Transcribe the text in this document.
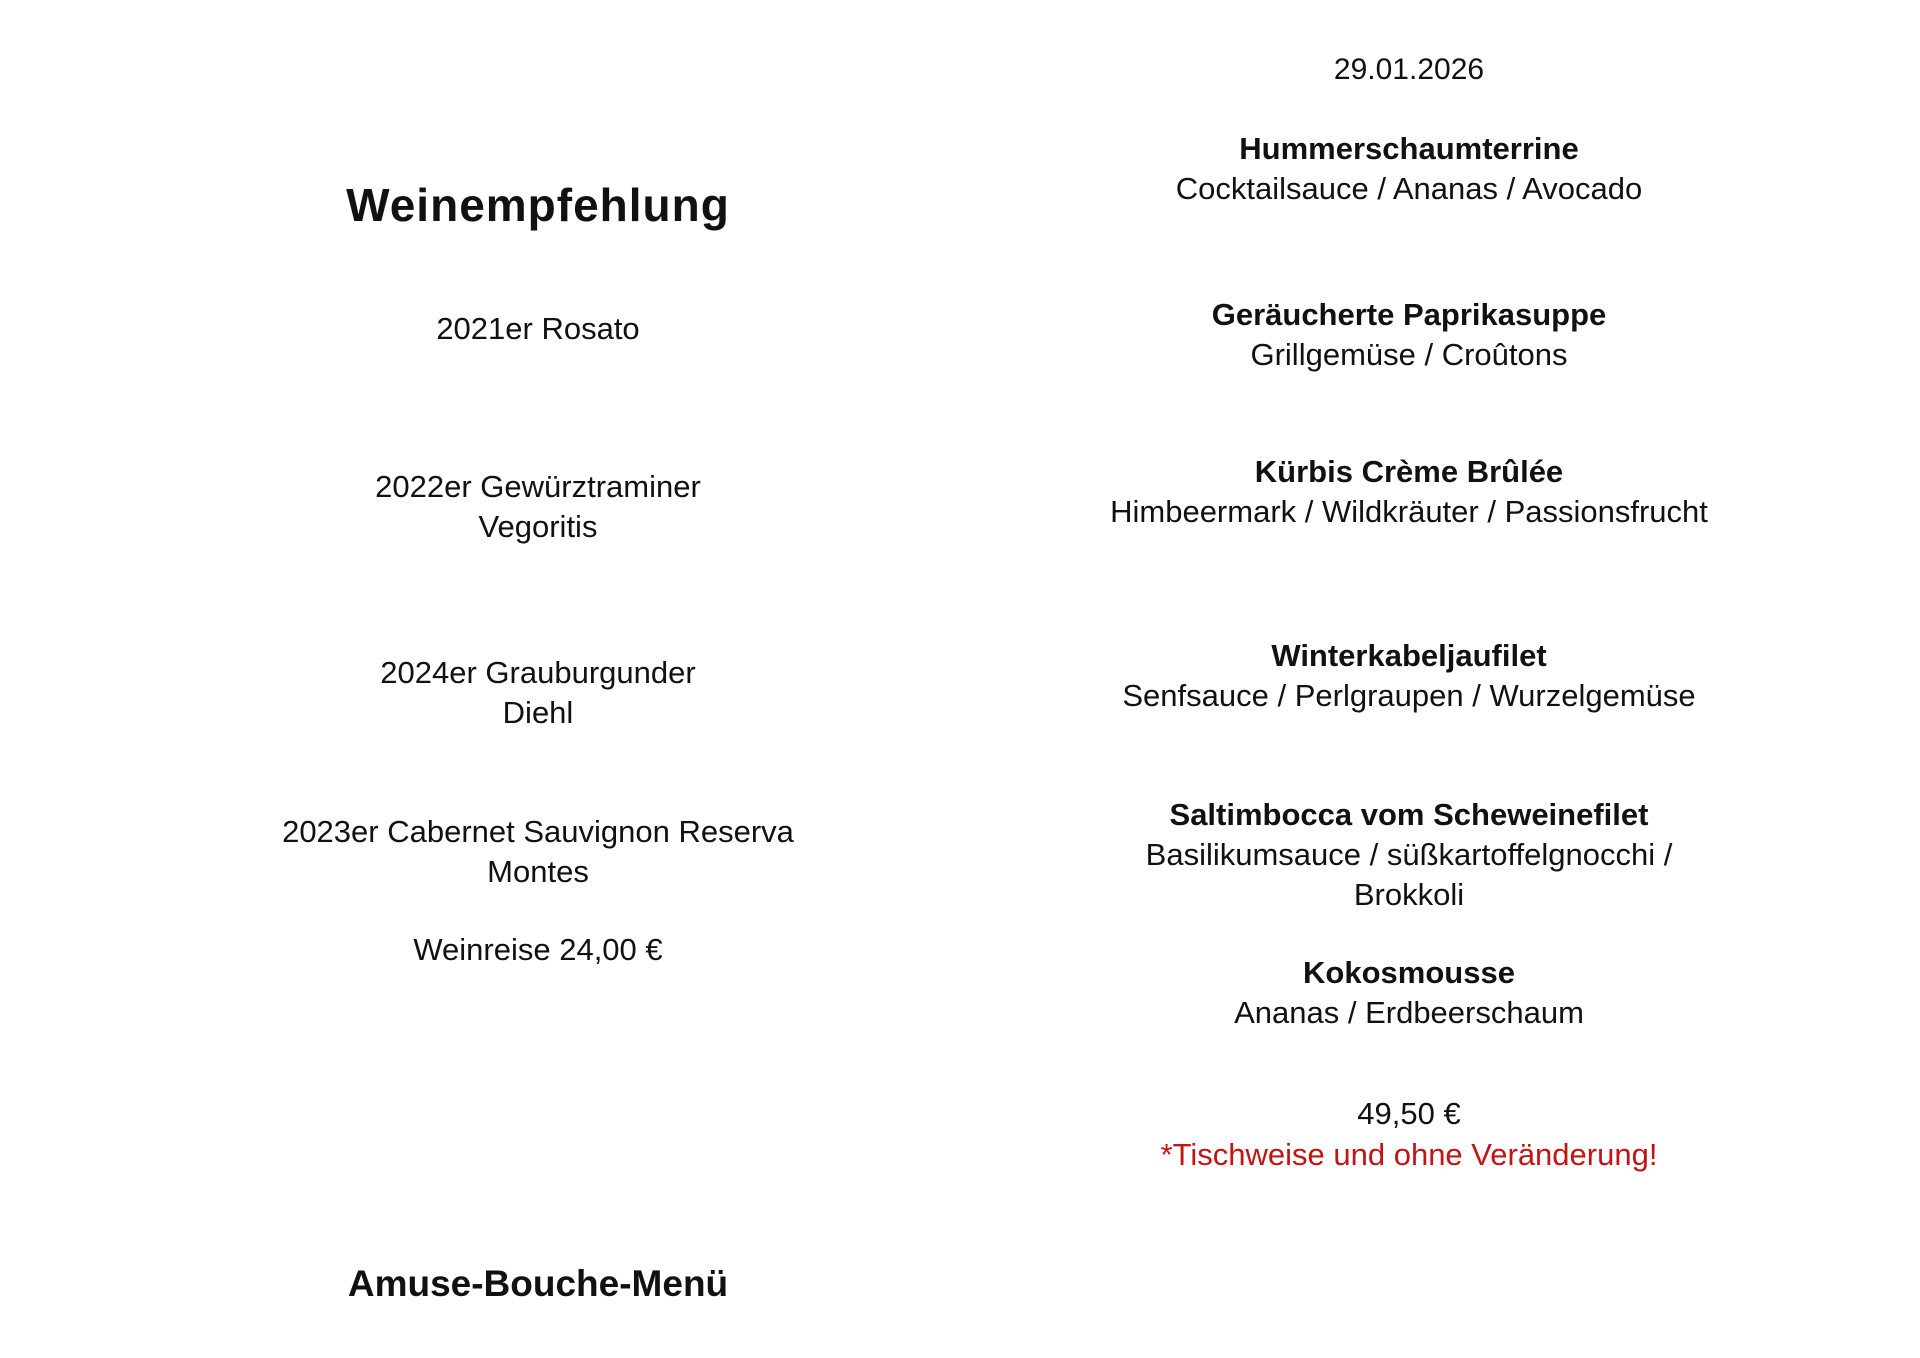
Weinempfehlung
2021er Rosato
2022er Gewürztraminer
Vegoritis
2024er Grauburgunder
Diehl
2023er Cabernet Sauvignon Reserva
Montes
Weinreise 24,00 €
Amuse-Bouche-Menü
29.01.2026
Hummerschaumterrine
Cocktailsauce / Ananas / Avocado
Geräucherte Paprikasuppe
Grillgemüse / Croûtons
Kürbis Crème Brûlée
Himbeermark / Wildkräuter / Passionsfrucht
Winterkabeljaufilet
Senfsauce / Perlgraupen / Wurzelgemüse
Saltimbocca vom Scheweinefilet
Basilikumsauce / süßkartoffelgnocchi / Brokkoli
Kokosmousse
Ananas / Erdbeerschaum
49,50 €
*Tischweise und ohne Veränderung!
